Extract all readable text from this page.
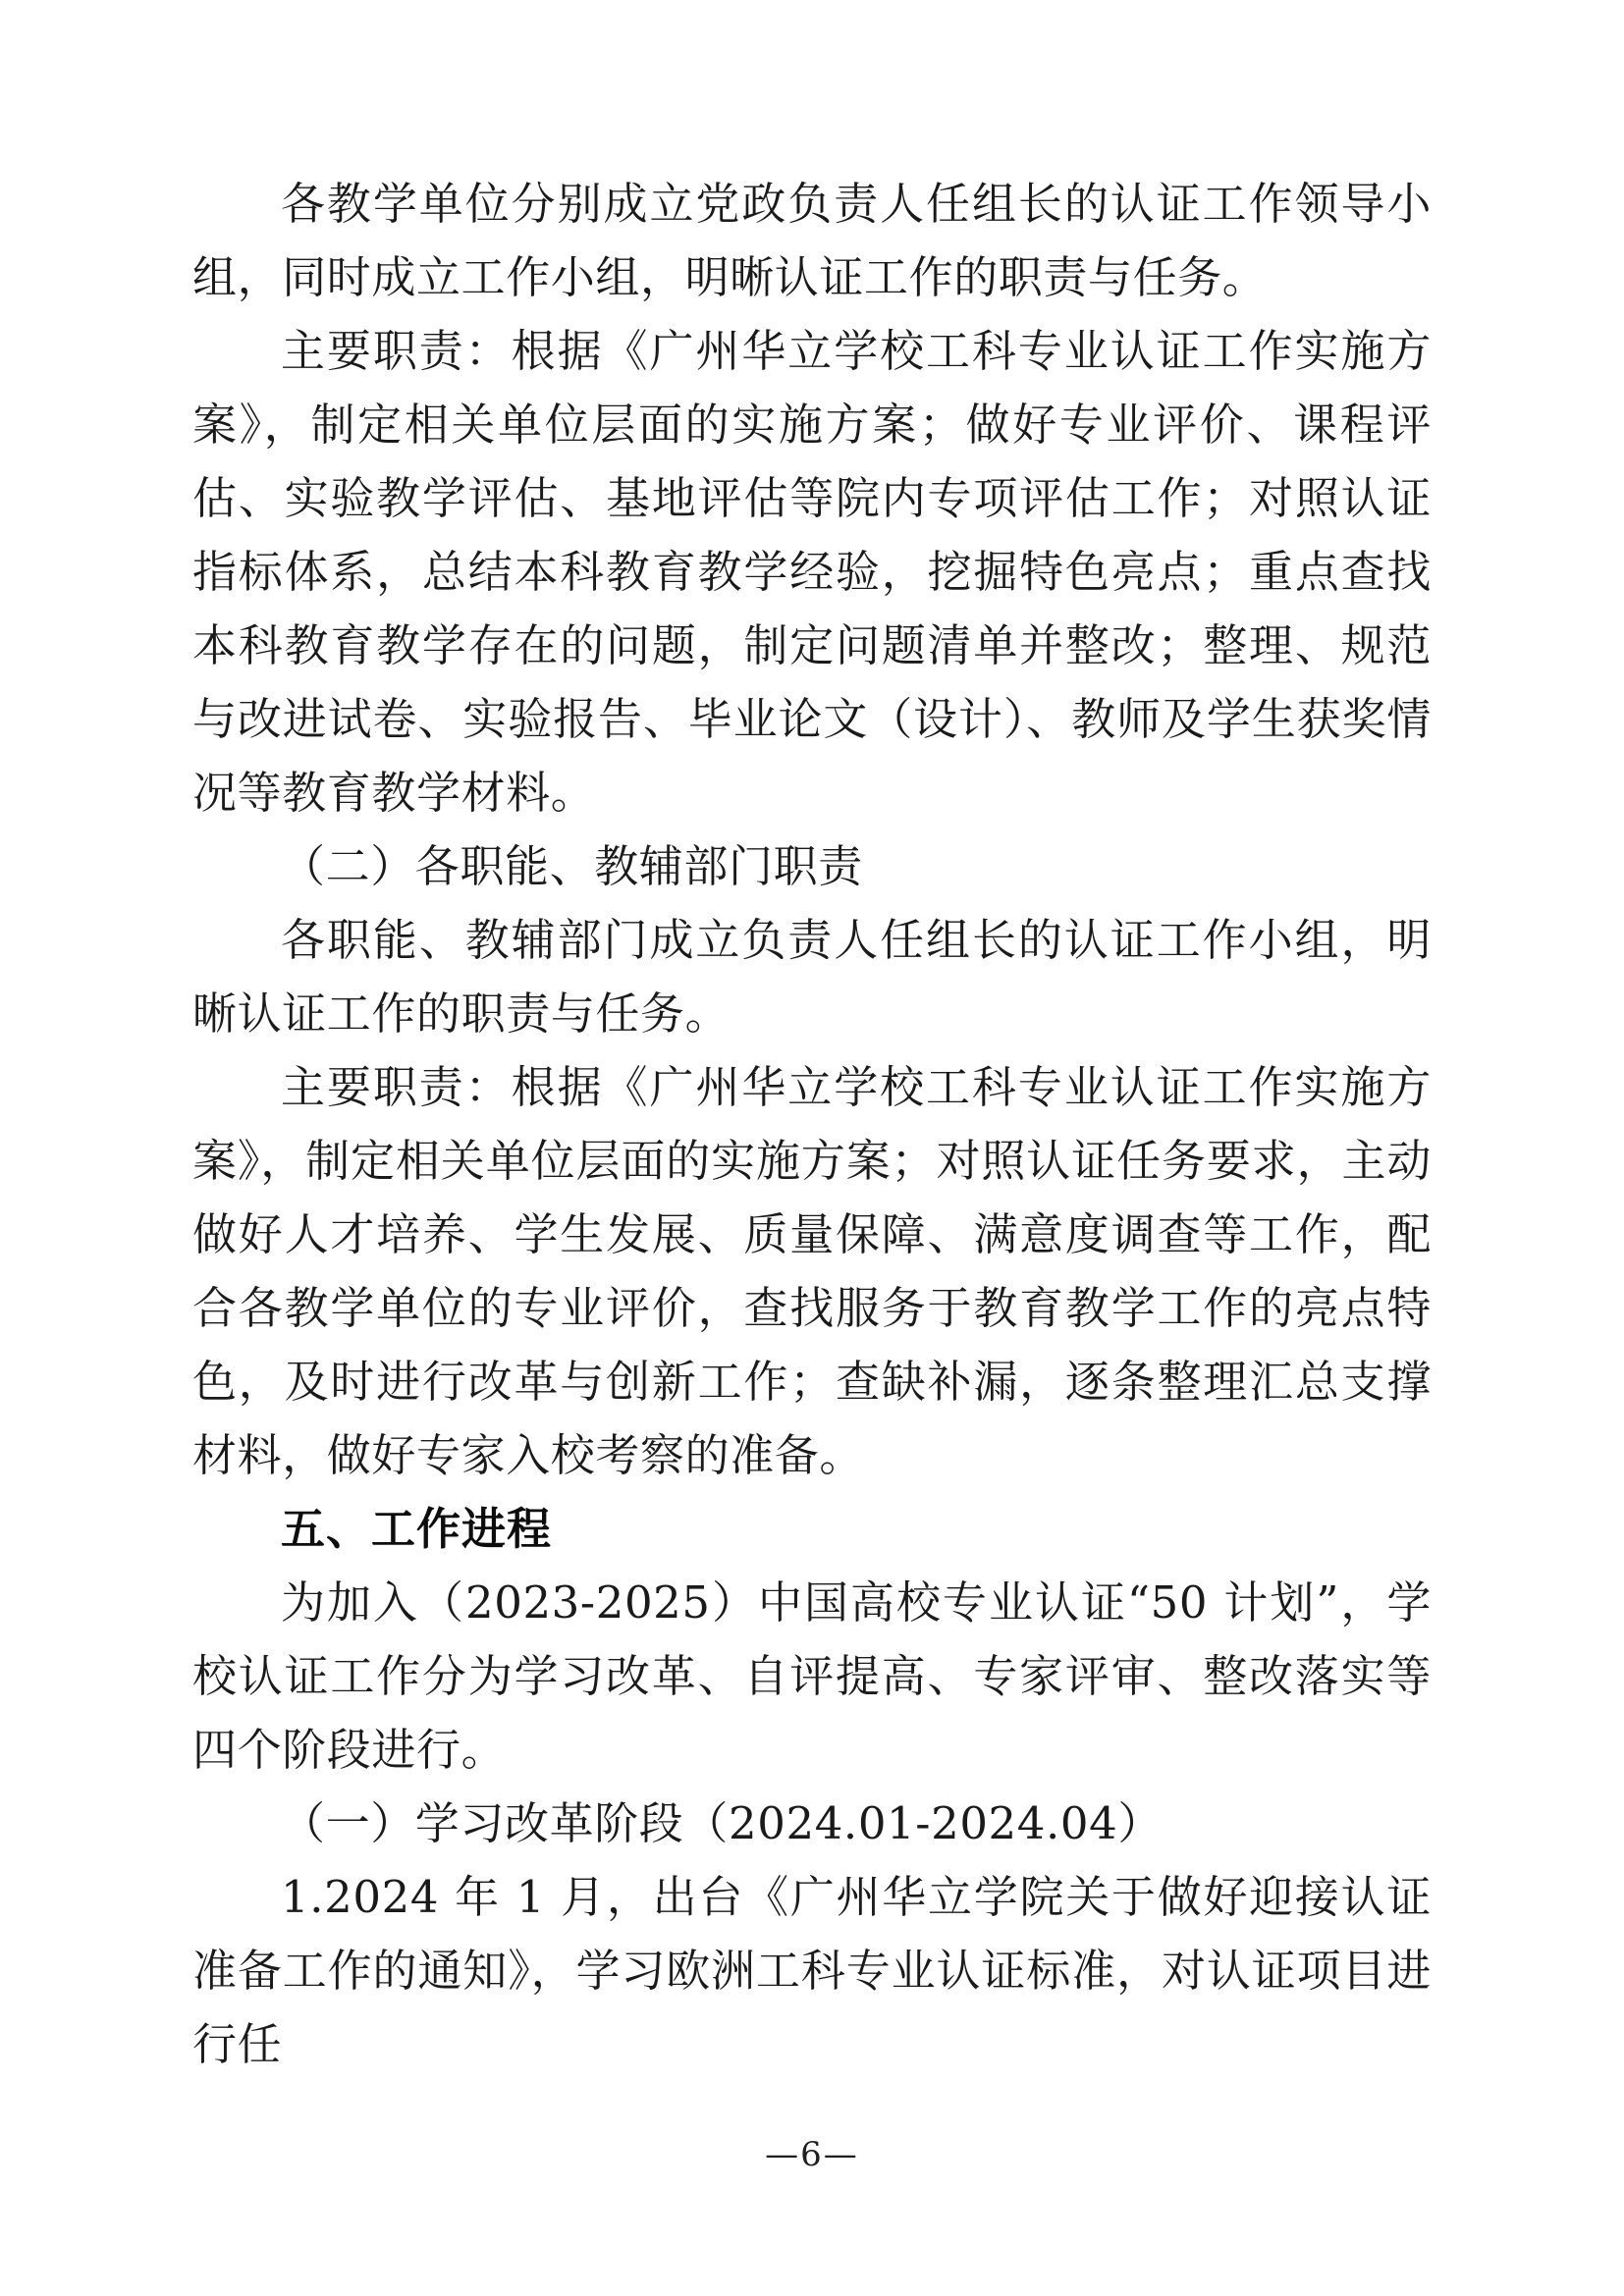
各教学单位分别成立党政负责人任组长的认证工作领导小组，同时成立工作小组，明晰认证工作的职责与任务。

主要职责：根据《广州华立学校工科专业认证工作实施方案》，制定相关单位层面的实施方案；做好专业评价、课程评估、实验教学评估、基地评估等院内专项评估工作；对照认证指标体系，总结本科教育教学经验，挖掘特色亮点；重点查找本科教育教学存在的问题，制定问题清单并整改；整理、规范与改进试卷、实验报告、毕业论文（设计）、教师及学生获奖情况等教育教学材料。

（二）各职能、教辅部门职责

各职能、教辅部门成立负责人任组长的认证工作小组，明晰认证工作的职责与任务。

主要职责：根据《广州华立学校工科专业认证工作实施方案》，制定相关单位层面的实施方案；对照认证任务要求，主动做好人才培养、学生发展、质量保障、满意度调查等工作，配合各教学单位的专业评价，查找服务于教育教学工作的亮点特色，及时进行改革与创新工作；查缺补漏，逐条整理汇总支撑材料，做好专家入校考察的准备。

五、工作进程

为加入（2023-2025）中国高校专业认证“50 计划”，学校认证工作分为学习改革、自评提高、专家评审、整改落实等四个阶段进行。

（一）学习改革阶段（2024.01-2024.04）

1.2024 年 1 月，出台《广州华立学院关于做好迎接认证准备工作的通知》，学习欧洲工科专业认证标准，对认证项目进行任

—6—
